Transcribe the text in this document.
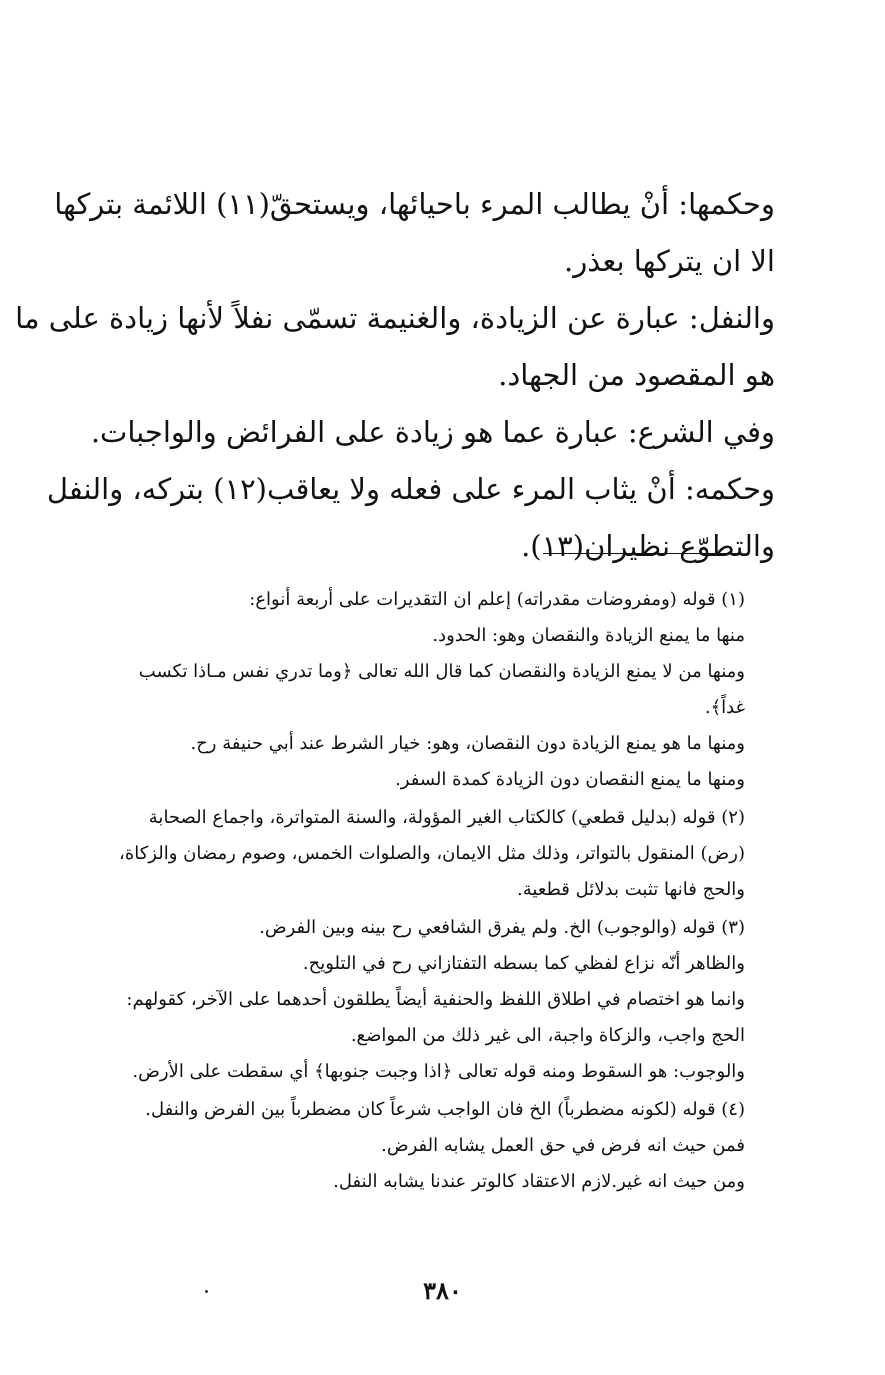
وحكمها: أنْ يطالب المرء باحيائها، ويستحقّ(١١) اللائمة بتركها

الا ان يتركها بعذر.

والنفل: عبارة عن الزيادة، والغنيمة تسمّى نفلاً لأنها زيادة على ما

هو المقصود من الجهاد.

وفي الشرع: عبارة عما هو زيادة على الفرائض والواجبات.

وحكمه: أنْ يثاب المرء على فعله ولا يعاقب(١٢) بتركه، والنفل

والتطوّع نظيران(١٣).

(١) قوله (ومفروضات مقدراته) إعلم ان التقديرات على أربعة أنواع:

منها ما يمنع الزيادة والنقصان وهو: الحدود.

ومنها من لا يمنع الزيادة والنقصان كما قال الله تعالى ﴿وما تدري نفس مـاذا تكسب

غداً﴾.

ومنها ما هو يمنع الزيادة دون النقصان، وهو: خيار الشرط عند أبي حنيفة رح.

ومنها ما يمنع النقصان دون الزيادة كمدة السفر.

(٢) قوله (بدليل قطعي) كالكتاب الغير المؤولة، والسنة المتواترة، واجماع الصحابة

(رض) المنقول بالتواتر، وذلك مثل الايمان، والصلوات الخمس، وصوم رمضان والزكاة،

والحج فانها تثبت بدلائل قطعية.

(٣) قوله (والوجوب) الخ. ولم يفرق الشافعي رح بينه وبين الفرض.

والظاهر أنّه نزاع لفظي كما بسطه التفتازاني رح في التلويح.

وانما هو اختصام في اطلاق اللفظ والحنفية أيضاً يطلقون أحدهما على الآخر، كقولهم:

الحج واجب، والزكاة واجبة، الى غير ذلك من المواضع.

والوجوب: هو السقوط ومنه قوله تعالى ﴿اذا وجبت جنوبها﴾ أي سقطت على الأرض.

(٤) قوله (لكونه مضطرباً) الخ فان الواجب شرعاً كان مضطرباً بين الفرض والنفل.

فمن حيث انه فرض في حق العمل يشابه الفرض.

ومن حيث انه غير.لازم الاعتقاد كالوتر عندنا يشابه النفل.

٣٨٠
